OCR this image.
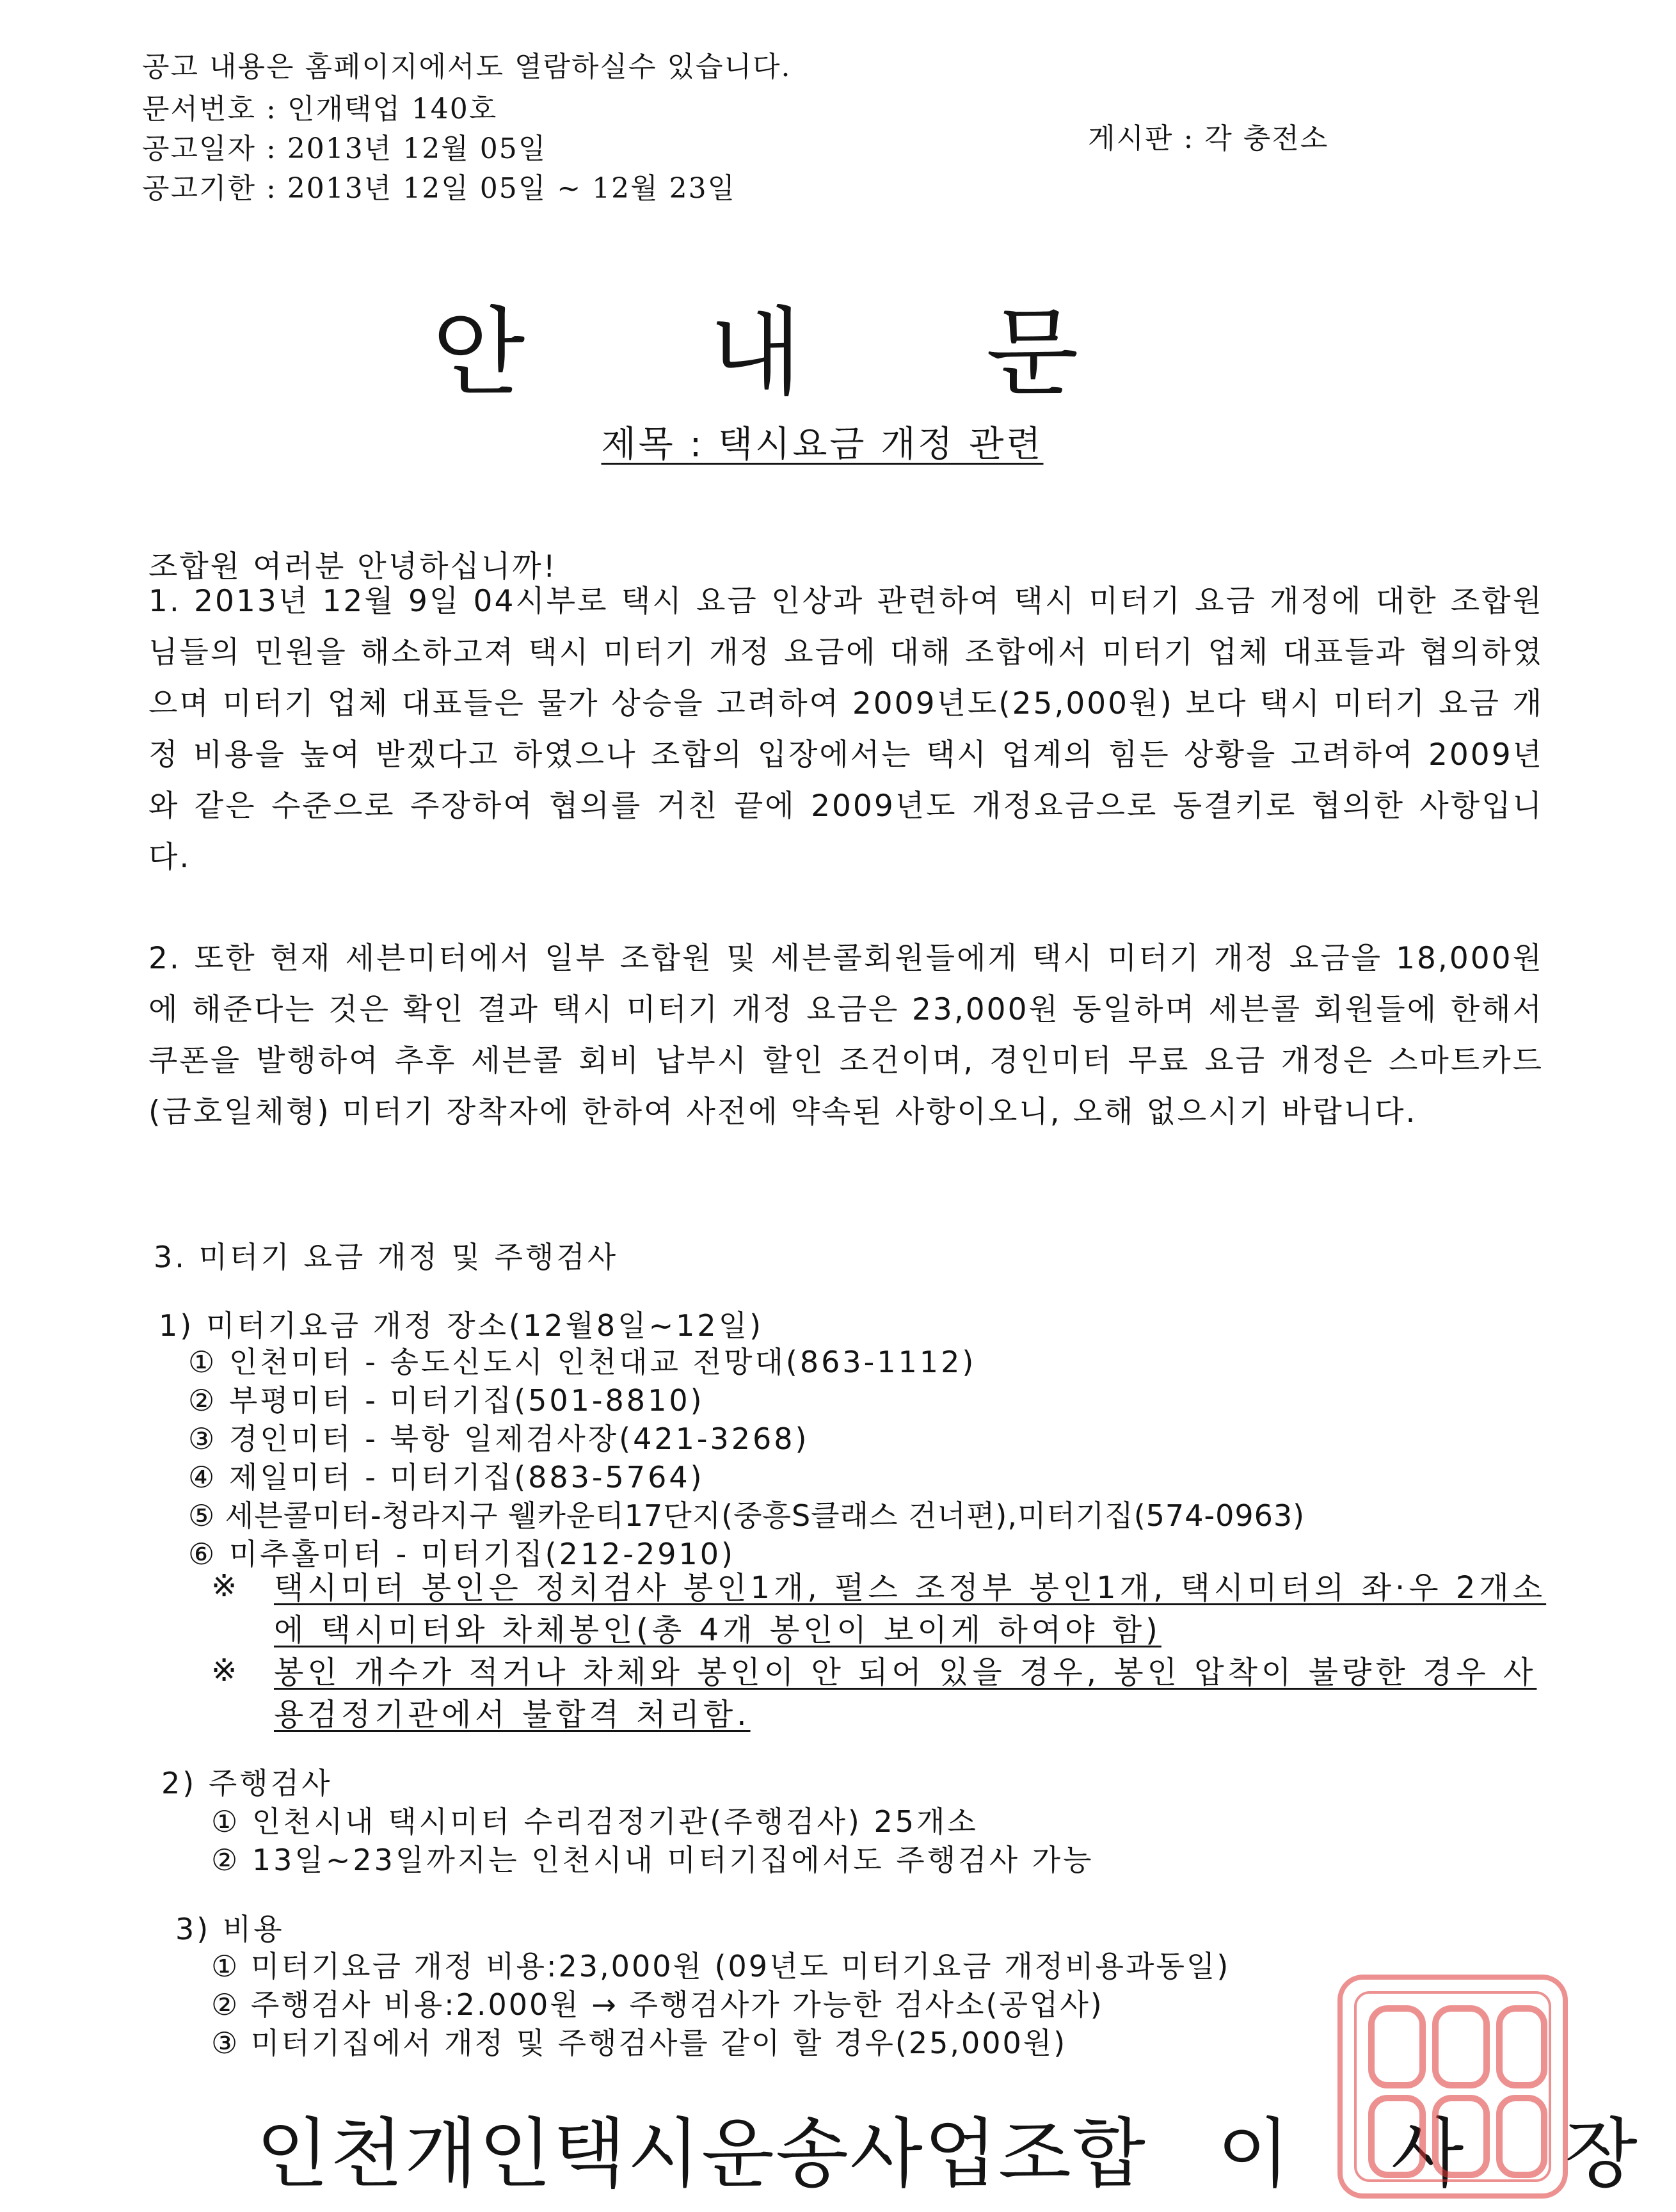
공고 내용은 홈페이지에서도 열람하실수 있습니다.
문서번호 : 인개택업 140호
공고일자 : 2013년 12월 05일
공고기한 : 2013년 12일 05일 ~ 12월 23일
게시판 : 각 충전소
안 내 문
제목 : 택시요금 개정 관련
조합원 여러분 안녕하십니까!
1. 2013년 12월 9일 04시부로 택시 요금 인상과 관련하여 택시 미터기 요금 개정에 대한 조합원님들의 민원을 해소하고져 택시 미터기 개정 요금에 대해 조합에서 미터기 업체 대표들과 협의하였으며 미터기 업체 대표들은 물가 상승을 고려하여 2009년도(25,000원) 보다 택시 미터기 요금 개정 비용을 높여 받겠다고 하였으나 조합의 입장에서는 택시 업계의 힘든 상황을 고려하여 2009년와 같은 수준으로 주장하여 협의를 거친 끝에 2009년도 개정요금으로 동결키로 협의한 사항입니다.
2. 또한 현재 세븐미터에서 일부 조합원 및 세븐콜회원들에게 택시 미터기 개정 요금을 18,000원에 해준다는 것은 확인 결과 택시 미터기 개정 요금은 23,000원 동일하며 세븐콜 회원들에 한해서 쿠폰을 발행하여 추후 세븐콜 회비 납부시 할인 조건이며, 경인미터 무료 요금 개정은 스마트카드(금호일체형) 미터기 장착자에 한하여 사전에 약속된 사항이오니, 오해 없으시기 바랍니다.
3. 미터기 요금 개정 및 주행검사
1) 미터기요금 개정 장소(12월8일~12일)
① 인천미터 - 송도신도시 인천대교 전망대(863-1112)
② 부평미터 - 미터기집(501-8810)
③ 경인미터 - 북항 일제검사장(421-3268)
④ 제일미터 - 미터기집(883-5764)
⑤ 세븐콜미터-청라지구 웰카운티17단지(중흥S클래스 건너편),미터기집(574-0963)
⑥ 미추홀미터 - 미터기집(212-2910)
※ 택시미터 봉인은 정치검사 봉인1개, 펄스 조정부 봉인1개, 택시미터의 좌·우 2개소에 택시미터와 차체봉인(총 4개 봉인이 보이게 하여야 함)
※ 봉인 개수가 적거나 차체와 봉인이 안 되어 있을 경우, 봉인 압착이 불량한 경우 사용검정기관에서 불합격 처리함.
2) 주행검사
① 인천시내 택시미터 수리검정기관(주행검사) 25개소
② 13일~23일까지는 인천시내 미터기집에서도 주행검사 가능
3) 비용
① 미터기요금 개정 비용:23,000원 (09년도 미터기요금 개정비용과동일)
② 주행검사 비용:2.000원 → 주행검사가 가능한 검사소(공업사)
③ 미터기집에서 개정 및 주행검사를 같이 할 경우(25,000원)
인천개인택시운송사업조합 이 사 장
